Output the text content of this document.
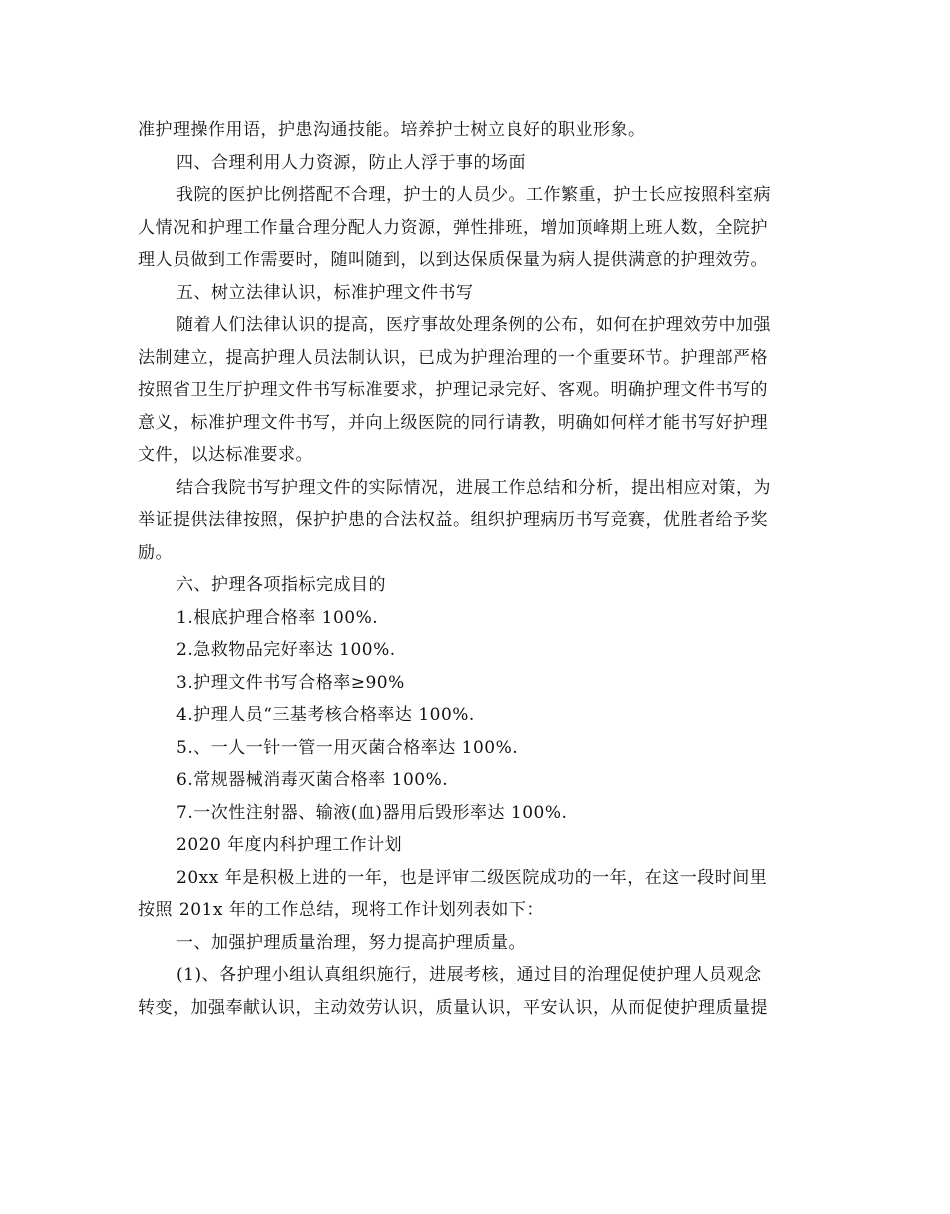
准护理操作用语，护患沟通技能。培养护士树立良好的职业形象。
四、合理利用人力资源，防止人浮于事的场面
我院的医护比例搭配不合理，护士的人员少。工作繁重，护士长应按照科室病
人情况和护理工作量合理分配人力资源，弹性排班，增加顶峰期上班人数，全院护
理人员做到工作需要时，随叫随到，以到达保质保量为病人提供满意的护理效劳。
五、树立法律认识，标准护理文件书写
随着人们法律认识的提高，医疗事故处理条例的公布，如何在护理效劳中加强
法制建立，提高护理人员法制认识，已成为护理治理的一个重要环节。护理部严格
按照省卫生厅护理文件书写标准要求，护理记录完好、客观。明确护理文件书写的
意义，标准护理文件书写，并向上级医院的同行请教，明确如何样才能书写好护理
文件，以达标准要求。
结合我院书写护理文件的实际情况，进展工作总结和分析，提出相应对策，为
举证提供法律按照，保护护患的合法权益。组织护理病历书写竞赛，优胜者给予奖
励。
六、护理各项指标完成目的
1.根底护理合格率 100%.
2.急救物品完好率达 100%.
3.护理文件书写合格率≥90%
4.护理人员“三基考核合格率达 100%.
5.、一人一针一管一用灭菌合格率达 100%.
6.常规器械消毒灭菌合格率 100%.
7.一次性注射器、输液(血)器用后毁形率达 100%.
2020 年度内科护理工作计划
20xx 年是积极上进的一年，也是评审二级医院成功的一年，在这一段时间里
按照 201x 年的工作总结，现将工作计划列表如下：
一、加强护理质量治理，努力提高护理质量。
(1)、各护理小组认真组织施行，进展考核，通过目的治理促使护理人员观念
转变，加强奉献认识，主动效劳认识，质量认识，平安认识，从而促使护理质量提
